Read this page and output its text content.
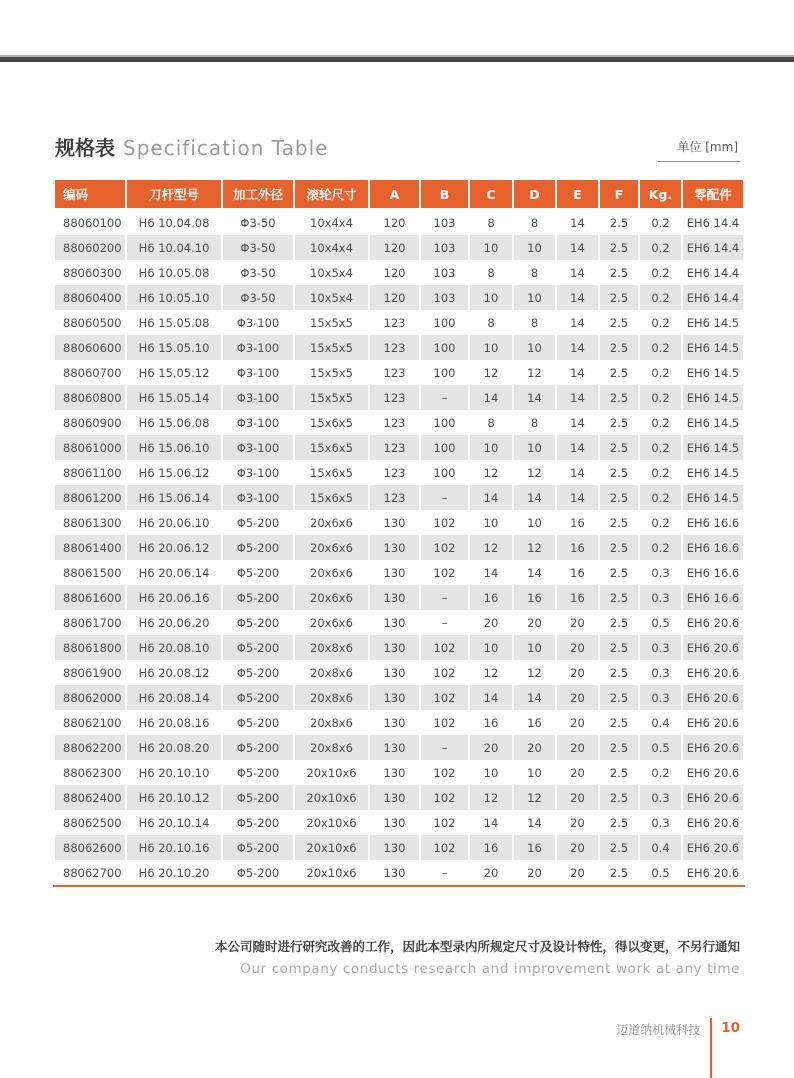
规格表 Specification Table	单位 [mm]
编码	刀杆型号	加工外径	滚轮尺寸	A	B	C	D	E	F	Kg.	零配件
88060100	H6 10.04.08	Φ3-50	10x4x4	120	103	8	8	14	2.5	0.2	EH6 14.4
88060200	H6 10.04.10	Φ3-50	10x4x4	120	103	10	10	14	2.5	0.2	EH6 14.4
88060300	H6 10.05.08	Φ3-50	10x5x4	120	103	8	8	14	2.5	0.2	EH6 14.4
88060400	H6 10.05.10	Φ3-50	10x5x4	120	103	10	10	14	2.5	0.2	EH6 14.4
88060500	H6 15.05.08	Φ3-100	15x5x5	123	100	8	8	14	2.5	0.2	EH6 14.5
88060600	H6 15.05.10	Φ3-100	15x5x5	123	100	10	10	14	2.5	0.2	EH6 14.5
88060700	H6 15.05.12	Φ3-100	15x5x5	123	100	12	12	14	2.5	0.2	EH6 14.5
88060800	H6 15.05.14	Φ3-100	15x5x5	123	–	14	14	14	2.5	0.2	EH6 14.5
88060900	H6 15.06.08	Φ3-100	15x6x5	123	100	8	8	14	2.5	0.2	EH6 14.5
88061000	H6 15.06.10	Φ3-100	15x6x5	123	100	10	10	14	2.5	0.2	EH6 14.5
88061100	H6 15.06.12	Φ3-100	15x6x5	123	100	12	12	14	2.5	0.2	EH6 14.5
88061200	H6 15.06.14	Φ3-100	15x6x5	123	–	14	14	14	2.5	0.2	EH6 14.5
88061300	H6 20.06.10	Φ5-200	20x6x6	130	102	10	10	16	2.5	0.2	EH6 16.6
88061400	H6 20.06.12	Φ5-200	20x6x6	130	102	12	12	16	2.5	0.2	EH6 16.6
88061500	H6 20.06.14	Φ5-200	20x6x6	130	102	14	14	16	2.5	0.3	EH6 16.6
88061600	H6 20.06.16	Φ5-200	20x6x6	130	–	16	16	16	2.5	0.3	EH6 16.6
88061700	H6 20.06.20	Φ5-200	20x6x6	130	–	20	20	20	2.5	0.5	EH6 20.6
88061800	H6 20.08.10	Φ5-200	20x8x6	130	102	10	10	20	2.5	0.3	EH6 20.6
88061900	H6 20.08.12	Φ5-200	20x8x6	130	102	12	12	20	2.5	0.3	EH6 20.6
88062000	H6 20.08.14	Φ5-200	20x8x6	130	102	14	14	20	2.5	0.3	EH6 20.6
88062100	H6 20.08.16	Φ5-200	20x8x6	130	102	16	16	20	2.5	0.4	EH6 20.6
88062200	H6 20.08.20	Φ5-200	20x8x6	130	–	20	20	20	2.5	0.5	EH6 20.6
88062300	H6 20.10.10	Φ5-200	20x10x6	130	102	10	10	20	2.5	0.2	EH6 20.6
88062400	H6 20.10.12	Φ5-200	20x10x6	130	102	12	12	20	2.5	0.3	EH6 20.6
88062500	H6 20.10.14	Φ5-200	20x10x6	130	102	14	14	20	2.5	0.3	EH6 20.6
88062600	H6 20.10.16	Φ5-200	20x10x6	130	102	16	16	20	2.5	0.4	EH6 20.6
88062700	H6 20.10.20	Φ5-200	20x10x6	130	–	20	20	20	2.5	0.5	EH6 20.6
本公司随时进行研究改善的工作，因此本型录内所规定尺寸及设计特性，得以变更，不另行通知
Our company conducts research and improvement work at any time
迈道纳机械科技 10
